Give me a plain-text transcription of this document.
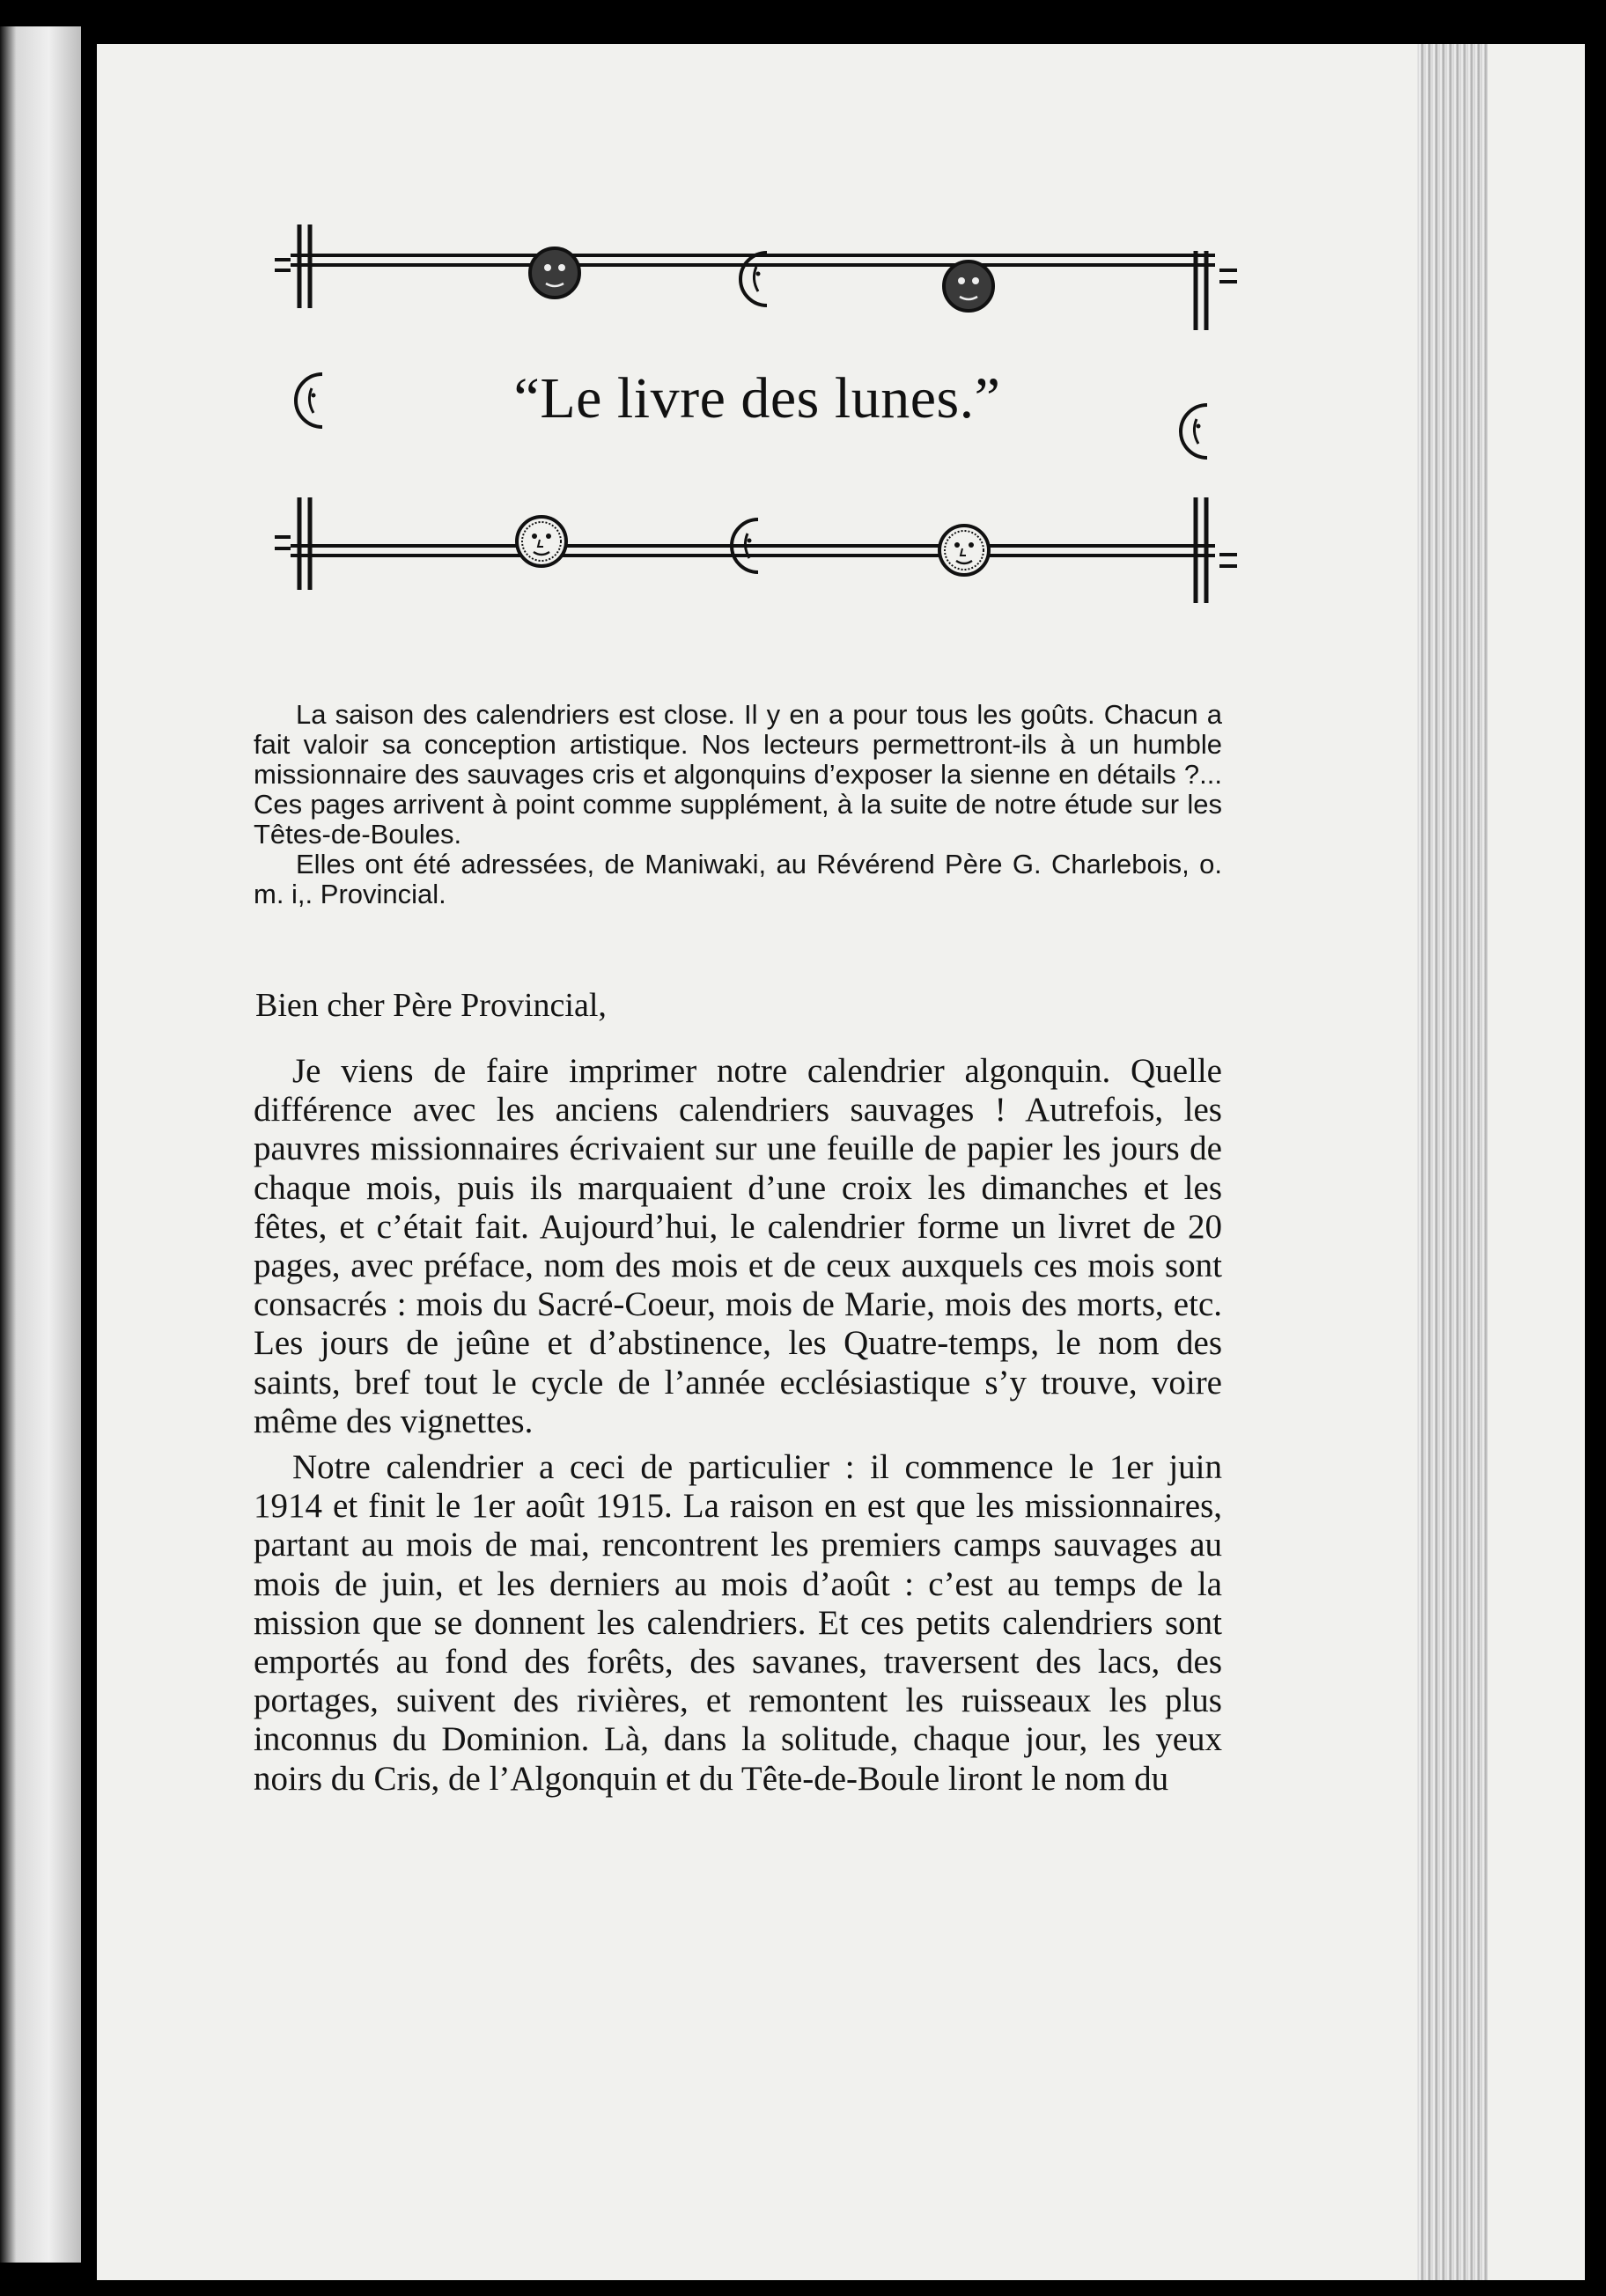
“Le livre des lunes.”

La saison des calendriers est close. Il y en a pour tous les goûts. Chacun a fait valoir sa conception artistique. Nos lecteurs permettront-ils à un humble missionnaire des sauvages cris et algonquins d’exposer la sienne en détails ?... Ces pages arrivent à point comme supplément, à la suite de notre étude sur les Têtes-de-Boules.

Elles ont été adressées, de Maniwaki, au Révérend Père G. Charlebois, o. m. i,. Provincial.

Bien cher Père Provincial,

Je viens de faire imprimer notre calendrier algonquin. Quelle différence avec les anciens calendriers sauvages ! Autrefois, les pauvres missionnaires écrivaient sur une feuille de papier les jours de chaque mois, puis ils marquaient d’une croix les dimanches et les fêtes, et c’était fait. Aujourd’hui, le calendrier forme un livret de 20 pages, avec préface, nom des mois et de ceux auxquels ces mois sont consacrés : mois du Sacré-Coeur, mois de Marie, mois des morts, etc. Les jours de jeûne et d’abstinence, les Quatre-temps, le nom des saints, bref tout le cycle de l’année ecclésiastique s’y trouve, voire même des vignettes.

Notre calendrier a ceci de particulier : il commence le 1er juin 1914 et finit le 1er août 1915. La raison en est que les missionnaires, partant au mois de mai, rencontrent les premiers camps sauvages au mois de juin, et les derniers au mois d’août : c’est au temps de la mission que se donnent les calendriers. Et ces petits calendriers sont emportés au fond des forêts, des savanes, traversent des lacs, des portages, suivent des rivières, et remontent les ruisseaux les plus inconnus du Dominion. Là, dans la solitude, chaque jour, les yeux noirs du Cris, de l’Algonquin et du Tête-de-Boule liront le nom du
